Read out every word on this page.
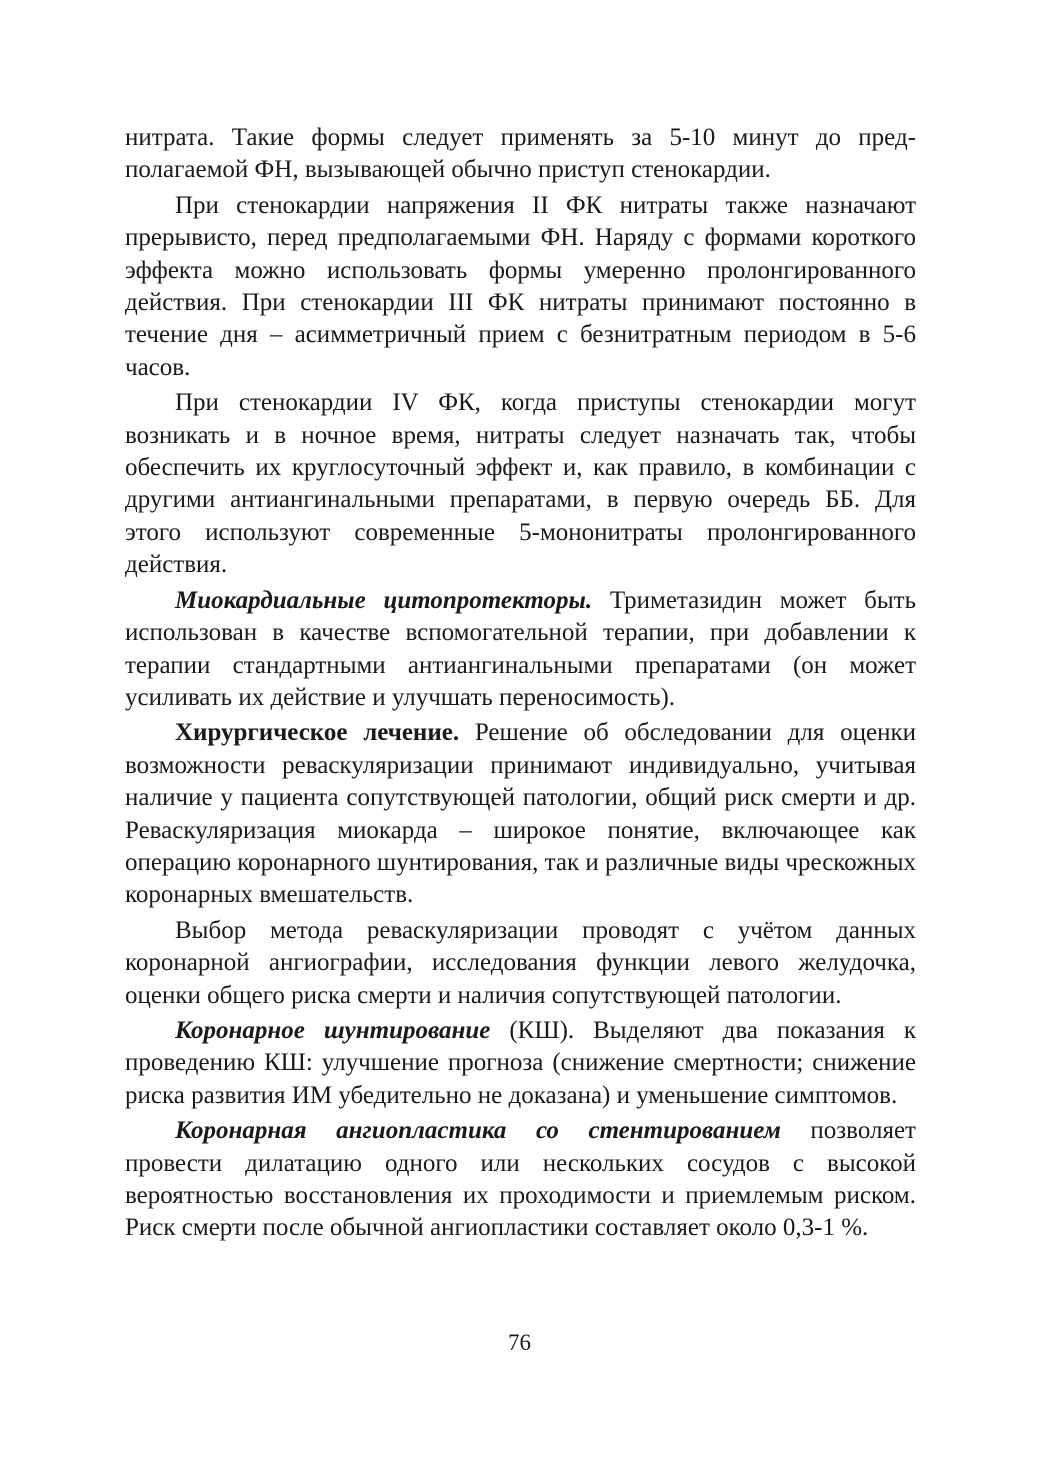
нитрата. Такие формы следует применять за 5-10 минут до предполагаемой ФН, вызывающей обычно приступ стенокардии.

При стенокардии напряжения II ФК нитраты также назначают прерывисто, перед предполагаемыми ФН. Наряду с формами короткого эффекта можно использовать формы умеренно пролонгированного действия. При стенокардии III ФК нитраты принимают постоянно в течение дня – асимметричный прием с безнитратным периодом в 5-6 часов.

При стенокардии IV ФК, когда приступы стенокардии могут возникать и в ночное время, нитраты следует назначать так, чтобы обеспечить их круглосуточный эффект и, как правило, в комбинации с другими антиангинальными препаратами, в первую очередь ББ. Для этого используют современные 5-мононитраты пролонгированного действия.

Миокардиальные цитопротекторы. Триметазидин может быть использован в качестве вспомогательной терапии, при добавлении к терапии стандартными антиангинальными препаратами (он может усиливать их действие и улучшать переносимость).

Хирургическое лечение. Решение об обследовании для оценки возможности реваскуляризации принимают индивидуально, учитывая наличие у пациента сопутствующей патологии, общий риск смерти и др. Реваскуляризация миокарда – широкое понятие, включающее как операцию коронарного шунтирования, так и различные виды чрескожных коронарных вмешательств.

Выбор метода реваскуляризации проводят с учётом данных коронарной ангиографии, исследования функции левого желудочка, оценки общего риска смерти и наличия сопутствующей патологии.

Коронарное шунтирование (КШ). Выделяют два показания к проведению КШ: улучшение прогноза (снижение смертности; снижение риска развития ИМ убедительно не доказана) и уменьшение симптомов.

Коронарная ангиопластика со стентированием позволяет провести дилатацию одного или нескольких сосудов с высокой вероятностью восстановления их проходимости и приемлемым риском. Риск смерти после обычной ангиопластики составляет около 0,3-1 %.

76
